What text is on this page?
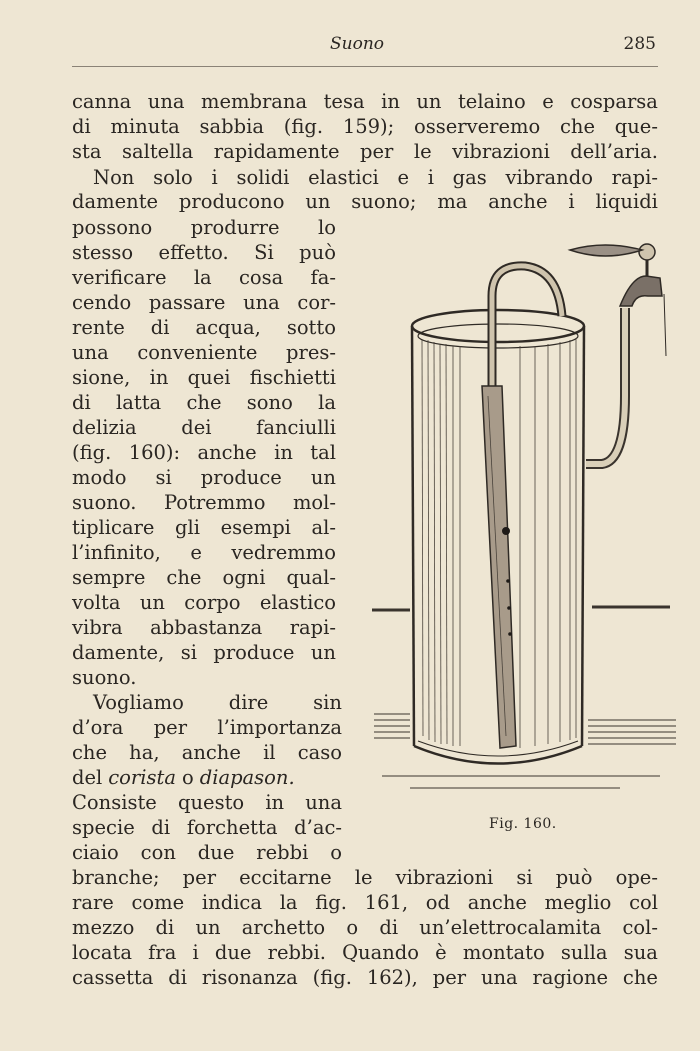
Suono	285
canna una membrana tesa in un telaino e cosparsa
di minuta sabbia (fig. 159); osserveremo che que-
sta saltella rapidamente per le vibrazioni dell’aria.
Non solo i solidi elastici e i gas vibrando rapi-
damente producono un suono; ma anche i liquidi
possono produrre lo
stesso effetto. Si può
verificare la cosa fa-
cendo passare una cor-
rente di acqua, sotto
una conveniente pres-
sione, in quei fischietti
di latta che sono la
delizia dei fanciulli
(fig. 160): anche in tal
modo si produce un
suono. Potremmo mol-
tiplicare gli esempi al-
l’infinito, e vedremmo
sempre che ogni qual-
volta un corpo elastico
vibra abbastanza rapi-
damente, si produce un
suono.
Vogliamo dire sin
d’ora per l’importanza
che ha, anche il caso
del corista o diapason.
Consiste questo in una
specie di forchetta d’ac-
ciaio con due rebbi o
branche; per eccitarne le vibrazioni si può ope-
rare come indica la fig. 161, od anche meglio col
mezzo di un archetto o di un’elettrocalamita col-
locata fra i due rebbi. Quando è montato sulla sua
cassetta di risonanza (fig. 162), per una ragione che
Fig. 160.
